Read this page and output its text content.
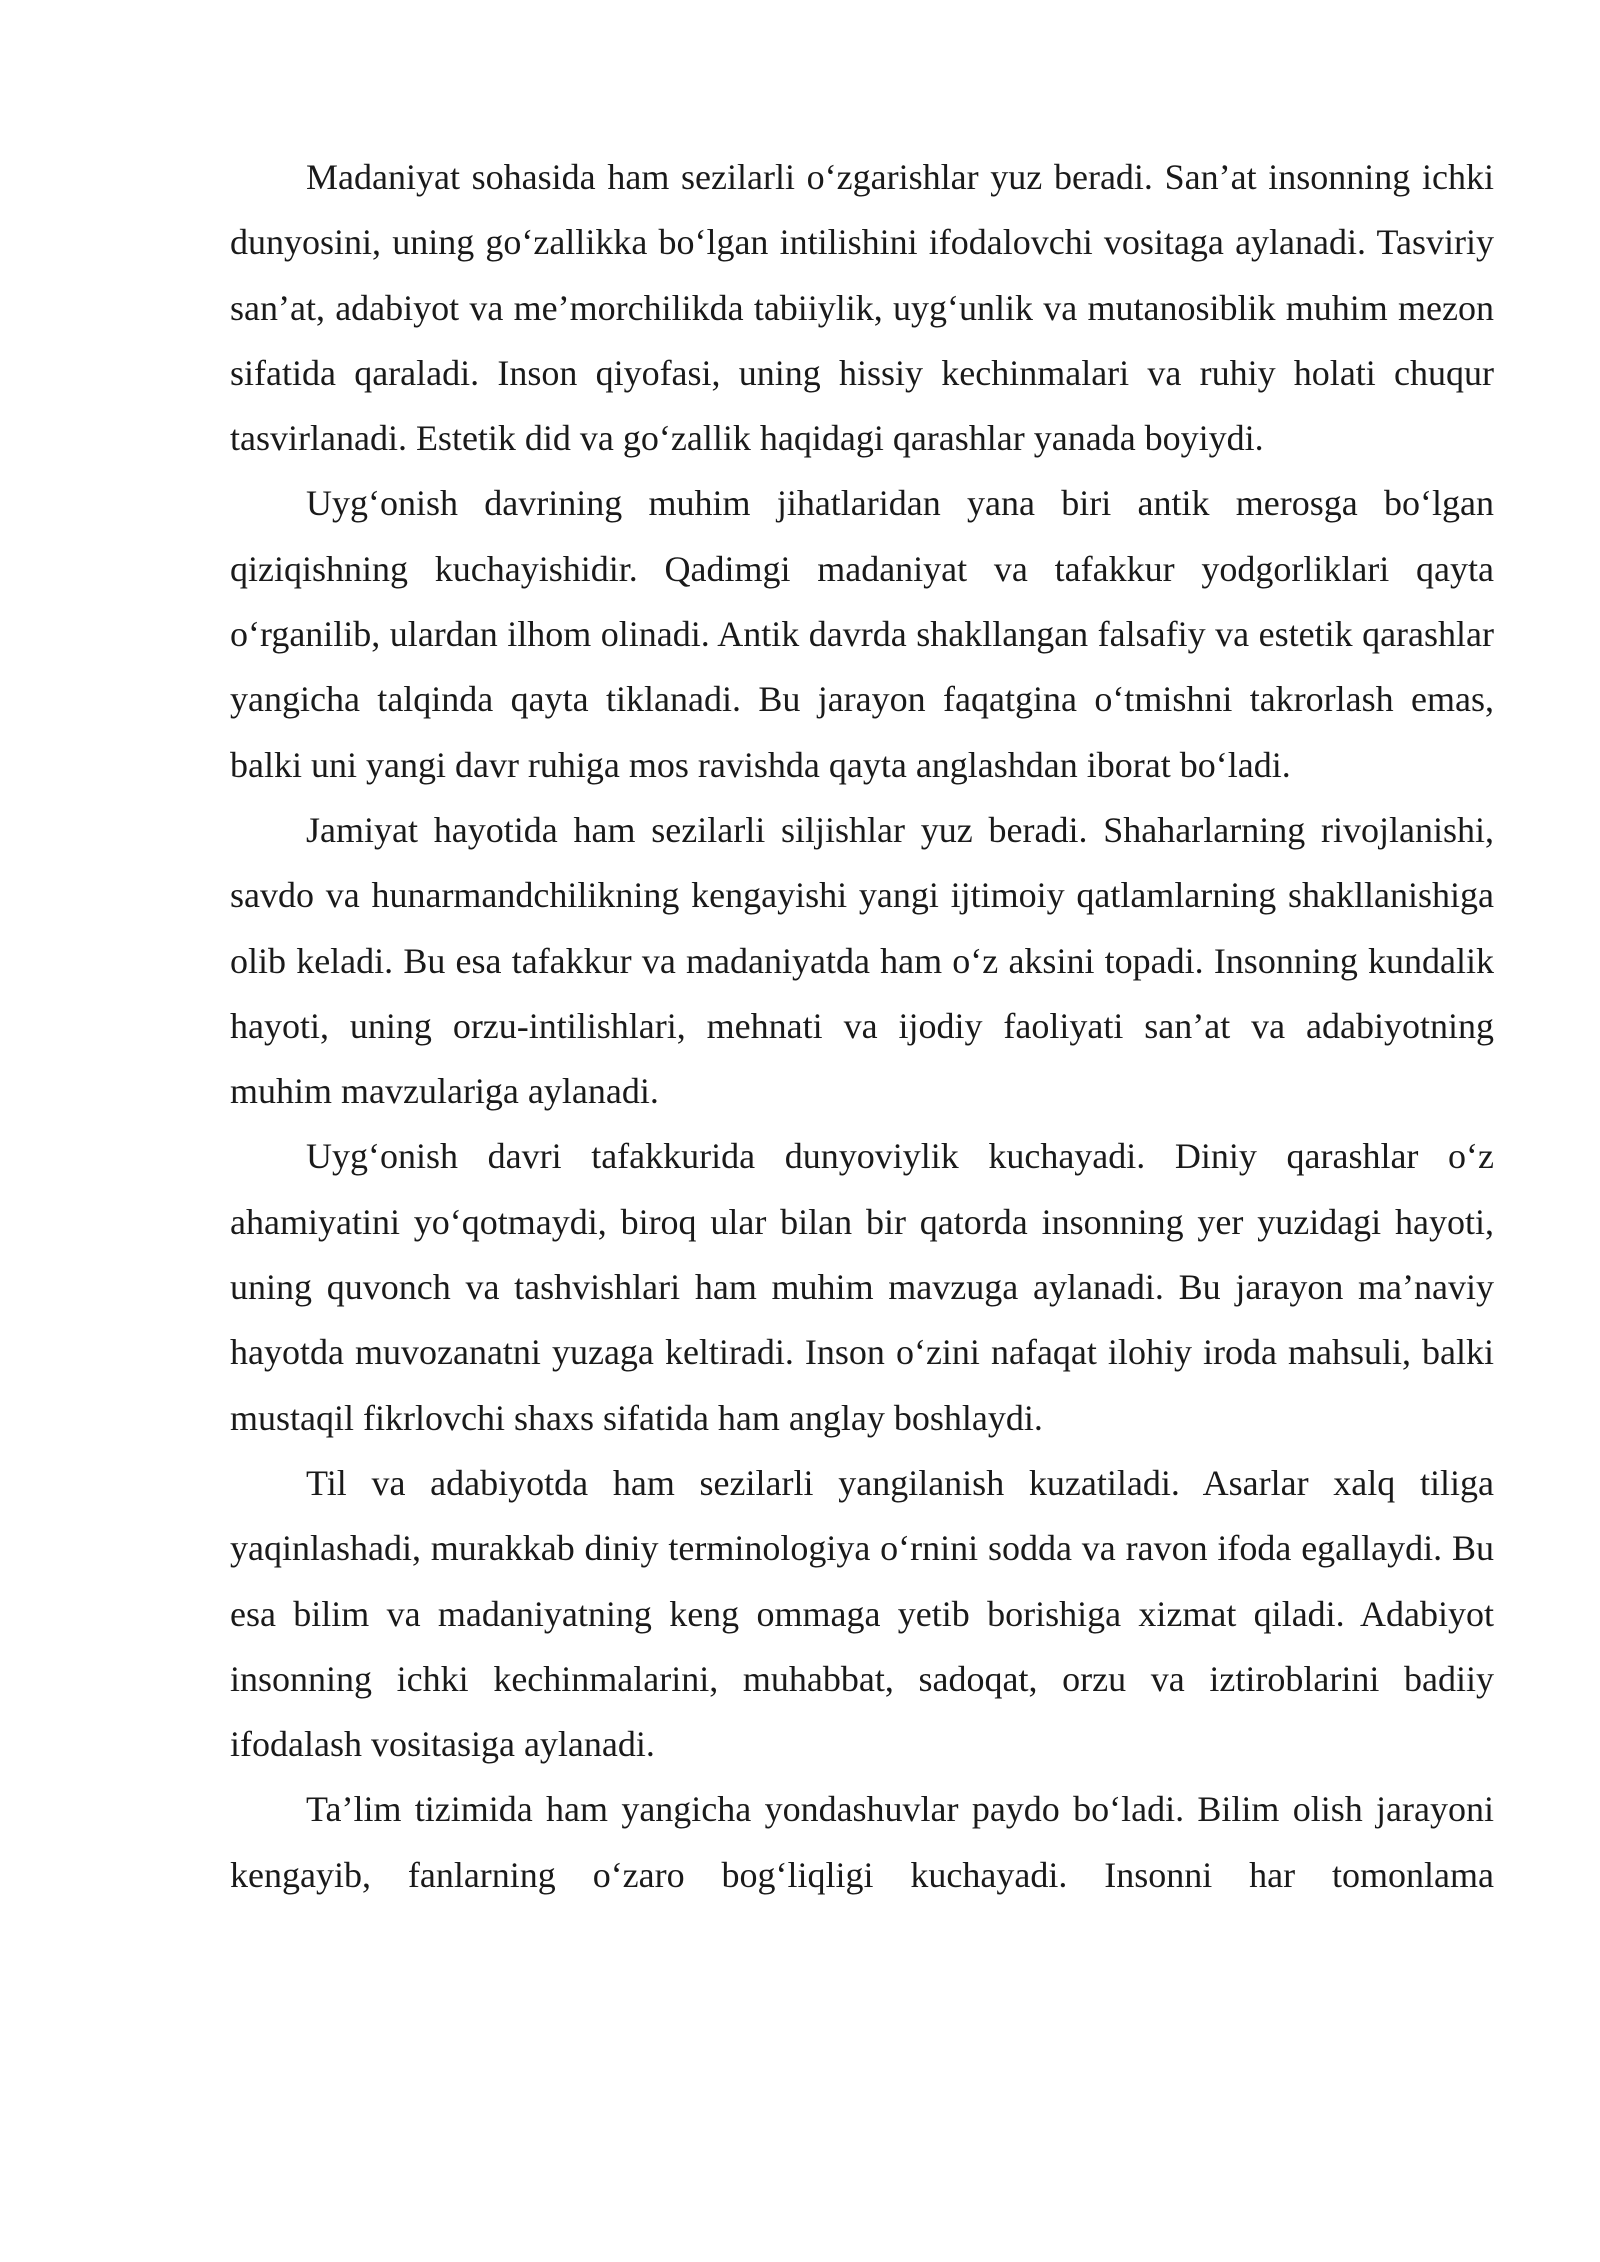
Madaniyat sohasida ham sezilarli o‘zgarishlar yuz beradi. San’at insonning ichki dunyosini, uning go‘zallikka bo‘lgan intilishini ifodalovchi vositaga aylanadi. Tasviriy san’at, adabiyot va me’morchilikda tabiiylik, uyg‘unlik va mutanosiblik muhim mezon sifatida qaraladi. Inson qiyofasi, uning hissiy kechinmalari va ruhiy holati chuqur tasvirlanadi. Estetik did va go‘zallik haqidagi qarashlar yanada boyiydi.

Uyg‘onish davrining muhim jihatlaridan yana biri antik merosga bo‘lgan qiziqishning kuchayishidir. Qadimgi madaniyat va tafakkur yodgorliklari qayta o‘rganilib, ulardan ilhom olinadi. Antik davrda shakllangan falsafiy va estetik qarashlar yangicha talqinda qayta tiklanadi. Bu jarayon faqatgina o‘tmishni takrorlash emas, balki uni yangi davr ruhiga mos ravishda qayta anglashdan iborat bo‘ladi.

Jamiyat hayotida ham sezilarli siljishlar yuz beradi. Shaharlarning rivojlanishi, savdo va hunarmandchilikning kengayishi yangi ijtimoiy qatlamlarning shakllanishiga olib keladi. Bu esa tafakkur va madaniyatda ham o‘z aksini topadi. Insonning kundalik hayoti, uning orzu-intilishlari, mehnati va ijodiy faoliyati san’at va adabiyotning muhim mavzulariga aylanadi.

Uyg‘onish davri tafakkurida dunyoviylik kuchayadi. Diniy qarashlar o‘z ahamiyatini yo‘qotmaydi, biroq ular bilan bir qatorda insonning yer yuzidagi hayoti, uning quvonch va tashvishlari ham muhim mavzuga aylanadi. Bu jarayon ma’naviy hayotda muvozanatni yuzaga keltiradi. Inson o‘zini nafaqat ilohiy iroda mahsuli, balki mustaqil fikrlovchi shaxs sifatida ham anglay boshlaydi.

Til va adabiyotda ham sezilarli yangilanish kuzatiladi. Asarlar xalq tiliga yaqinlashadi, murakkab diniy terminologiya o‘rnini sodda va ravon ifoda egallaydi. Bu esa bilim va madaniyatning keng ommaga yetib borishiga xizmat qiladi. Adabiyot insonning ichki kechinmalarini, muhabbat, sadoqat, orzu va iztiroblarini badiiy ifodalash vositasiga aylanadi.

Ta’lim tizimida ham yangicha yondashuvlar paydo bo‘ladi. Bilim olish jarayoni kengayib, fanlarning o‘zaro bog‘liqligi kuchayadi. Insonni har tomonlama
